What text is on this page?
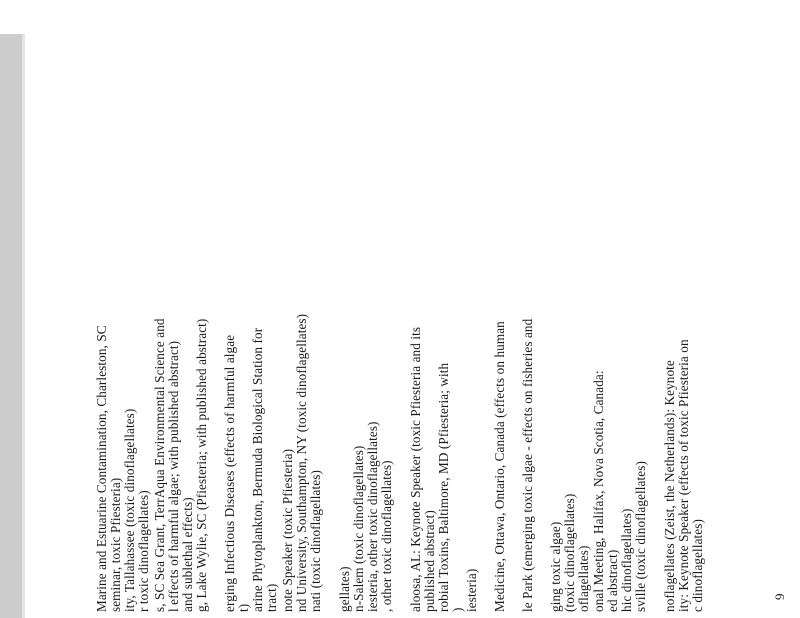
Marine and Estuarine Contamination, Charleston, SC seminar, toxic Pfiesteria) ity, Tallahassee (toxic dinoflagellates) r toxic dinoflagellates) s, SC Sea Grant, TerrAqua Environmental Science and l effects of harmful algae; with published abstract) and sublethal effects) g, Lake Wylie, SC (Pfiesteria; with published abstract) erging Infectious Diseases (effects of harmful algae t) arine Phytoplankton, Bermuda Biological Station for tract) note Speaker (toxic Pfiesteria) nd University, Southampton, NY (toxic dinoflagellates) nati (toxic dinoflagellates) gellates) n-Salem (toxic dinoflagellates) iesteria, other toxic dinoflagellates) , other toxic dinoflagellates) aloosa, AL: Keynote Speaker (toxic Pfiesteria and its published abstract) robial Toxins, Baltimore, MD (Pfiesteria; with ) iesteria) Medicine, Ottawa, Ontario, Canada (effects on human le Park (emerging toxic algae - effects on fisheries and ging toxic algae) (toxic dinoflagellates) oflagellates) onal Meeting, Halifax, Nova Scotia, Canada: ed abstract) hic dinoflagellates) sville (toxic dinoflagellates) noflagellates (Zeist, the Netherlands): Keynote ity: Keynote Speaker (effects of toxic Pfiesteria on c dinoflagellates)	9
